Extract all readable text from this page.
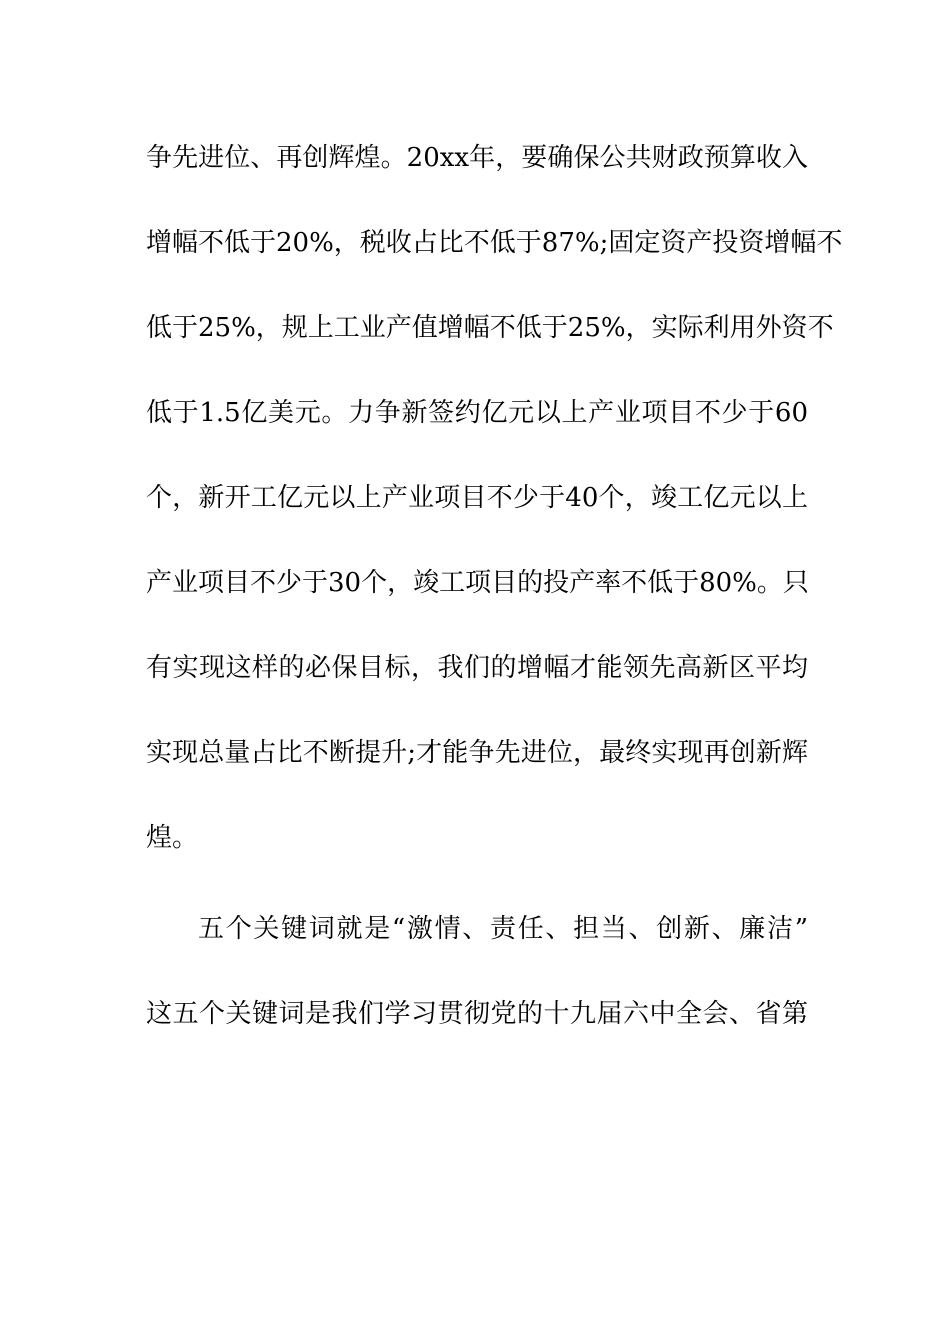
争先进位、再创辉煌。20xx年，要确保公共财政预算收入
增幅不低于20%，税收占比不低于87%;固定资产投资增幅不
低于25%，规上工业产值增幅不低于25%，实际利用外资不
低于1.5亿美元。力争新签约亿元以上产业项目不少于60
个，新开工亿元以上产业项目不少于40个，竣工亿元以上
产业项目不少于30个，竣工项目的投产率不低于80%。只
有实现这样的必保目标，我们的增幅才能领先高新区平均
实现总量占比不断提升;才能争先进位，最终实现再创新辉
煌。
五个关键词就是“激情、责任、担当、创新、廉洁”
这五个关键词是我们学习贯彻党的十九届六中全会、省第
